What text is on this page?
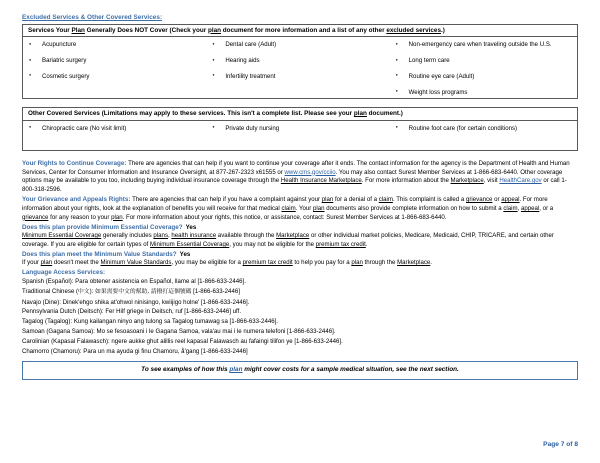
Excluded Services & Other Covered Services:
Services Your Plan Generally Does NOT Cover (Check your plan document for more information and a list of any other excluded services.)
●
Acupuncture
●
Bariatric surgery
●
Cosmetic surgery
●
Dental care (Adult)
●
Hearing aids
●
Infertility treatment
●
Non-emergency care when traveling outside the U.S.
●
Long term care
●
Routine eye care (Adult)
●
Weight loss programs
Other Covered Services (Limitations may apply to these services. This isn't a complete list. Please see your plan document.)
●
Chiropractic care (No visit limit) ●	Private duty nursing ●	Routine foot care (for certain conditions)
Your Rights to Continue Coverage: There are agencies that can help if you want to continue your coverage after it ends. The contact information for the agency is the Department of Health and Human Services, Center for Consumer Information and Insurance Oversight, at 877-267-2323 x61555 or www.cms.gov/cciio. You may also contact Surest Member Services at 1-866-683-6440. Other coverage options may be available to you too, including buying individual insurance coverage through the Health Insurance Marketplace. For more information about the Marketplace, visit HealthCare.gov or call 1-800-318-2596.
Your Grievance and Appeals Rights: There are agencies that can help if you have a complaint against your plan for a denial of a claim. This complaint is called a grievance or appeal. For more information about your rights, look at the explanation of benefits you will receive for that medical claim. Your plan documents also provide complete information on how to submit a claim, appeal, or a grievance for any reason to your plan. For more information about your rights, this notice, or assistance, contact: Surest Member Services at 1-866-683-6440.
Does this plan provide Minimum Essential Coverage? Yes
Minimum Essential Coverage generally includes plans, health insurance available through the Marketplace or other individual market policies, Medicare, Medicaid, CHIP, TRICARE, and certain other coverage. If you are eligible for certain types of Minimum Essential Coverage, you may not be eligible for the premium tax credit.
Does this plan meet the Minimum Value Standards? Yes
If your plan doesn't meet the Minimum Value Standards, you may be eligible for a premium tax credit to help you pay for a plan through the Marketplace.
Language Access Services:
Spanish (Español): Para obtener asistencia en Español, llame al [1-866-633-2446].
Traditional Chinese (中文): 如果需要中文的幫助, 請撥打這個號碼 [1-866-633-2446]
Navajo (Dine): Dinek'ehgo shika at'ohwol ninisingo, kwiijigo holne' [1-866-633-2446].
Pennsylvania Dutch (Deitsch): Fer Hilf griege in Deitsch, ruf [1-866-633-2446] uff.
Tagalog (Tagalog): Kung kailangan ninyo ang tulong sa Tagalog tumawag sa [1-866-633-2446].
Samoan (Gagana Samoa): Mo se fesoasoani i le Gagana Samoa, vala'au mai i le numera telefoni [1-866-633-2446].
Carolinian (Kapasal Falawasch): ngere aukke ghut alillis reel kapasal Falawasch au fafaingi tilifon ye [1-866-633-2446].
Chamorro (Chamoru): Para un ma ayuda gi finu Chamoru, å'gang [1-866-633-2446]
To see examples of how this plan might cover costs for a sample medical situation, see the next section.
Page 7 of 8
